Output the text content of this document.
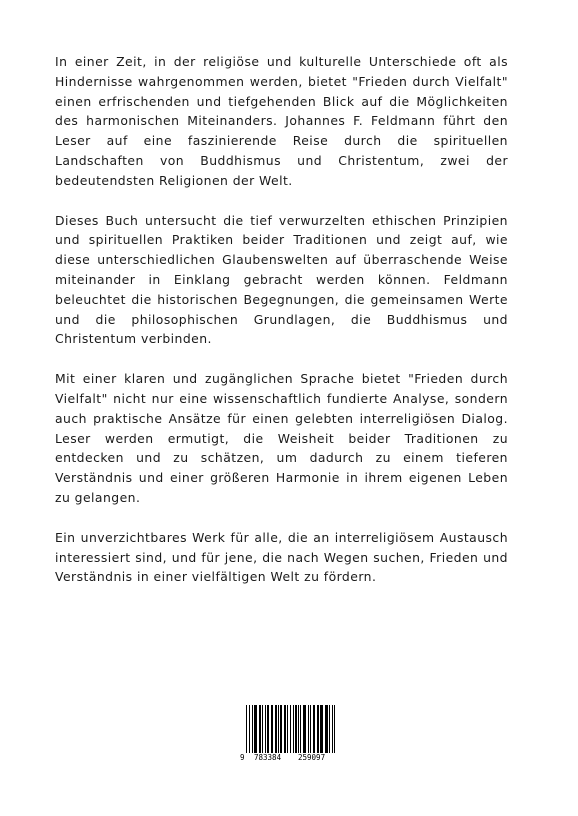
In einer Zeit, in der religiöse und kulturelle Unterschiede oft als Hindernisse wahrgenommen werden, bietet "Frieden durch Vielfalt" einen erfrischenden und tiefgehenden Blick auf die Möglichkeiten des harmonischen Miteinanders. Johannes F. Feldmann führt den Leser auf eine faszinierende Reise durch die spirituellen Landschaften von Buddhismus und Christentum, zwei der bedeutendsten Religionen der Welt.

Dieses Buch untersucht die tief verwurzelten ethischen Prinzipien und spirituellen Praktiken beider Traditionen und zeigt auf, wie diese unterschiedlichen Glaubenswelten auf überraschende Weise miteinander in Einklang gebracht werden können. Feldmann beleuchtet die historischen Begegnungen, die gemeinsamen Werte und die philosophischen Grundlagen, die Buddhismus und Christentum verbinden.

Mit einer klaren und zugänglichen Sprache bietet "Frieden durch Vielfalt" nicht nur eine wissenschaftlich fundierte Analyse, sondern auch praktische Ansätze für einen gelebten interreligiösen Dialog. Leser werden ermutigt, die Weisheit beider Traditionen zu entdecken und zu schätzen, um dadurch zu einem tieferen Verständnis und einer größeren Harmonie in ihrem eigenen Leben zu gelangen.

Ein unverzichtbares Werk für alle, die an interreligiösem Austausch interessiert sind, und für jene, die nach Wegen suchen, Frieden und Verständnis in einer vielfältigen Welt zu fördern.

9 783384 259097
